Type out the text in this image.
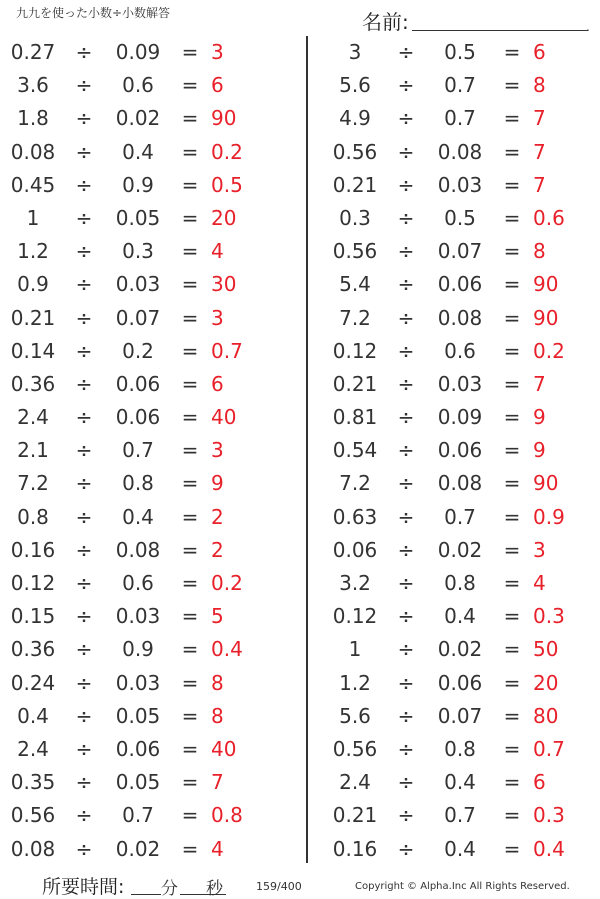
九九を使った小数÷小数解答	名前:	.
0.27	÷	0.09	= 3
3.6	÷	0.6	= 6
1.8	÷	0.02	= 90
0.08	÷	0.4	= 0.2
0.45	÷	0.9	= 0.5
1	÷	0.05	= 20
1.2	÷	0.3	= 4
0.9	÷	0.03	= 30
0.21	÷	0.07	= 3
0.14	÷	0.2	= 0.7
0.36	÷	0.06	= 6
2.4	÷	0.06	= 40
2.1	÷	0.7	= 3
7.2	÷	0.8	= 9
0.8	÷	0.4	= 2
0.16	÷	0.08	= 2
0.12	÷	0.6	= 0.2
0.15	÷	0.03	= 5
0.36	÷	0.9	= 0.4
0.24	÷	0.03	= 8
0.4	÷	0.05	= 8
2.4	÷	0.06	= 40
0.35	÷	0.05	= 7
0.56	÷	0.7	= 0.8
0.08	÷	0.02	= 4
3	÷	0.5	= 6
5.6	÷	0.7	= 8
4.9	÷	0.7	= 7
0.56	÷	0.08	= 7
0.21	÷	0.03	= 7
0.3	÷	0.5	= 0.6
0.56	÷	0.07	= 8
5.4	÷	0.06	= 90
7.2	÷	0.08	= 90
0.12	÷	0.6	= 0.2
0.21	÷	0.03	= 7
0.81	÷	0.09	= 9
0.54	÷	0.06	= 9
7.2	÷	0.08	= 90
0.63	÷	0.7	= 0.9
0.06	÷	0.02	= 3
3.2	÷	0.8	= 4
0.12	÷	0.4	= 0.3
1	÷	0.02	= 50
1.2	÷	0.06	= 20
5.6	÷	0.07	= 80
0.56	÷	0.8	= 0.7
2.4	÷	0.4	= 6
0.21	÷	0.7	= 0.3
0.16	÷	0.4	= 0.4
所要時間: 分 秒	159/400	Copyright © Alpha.Inc All Rights Reserved.
